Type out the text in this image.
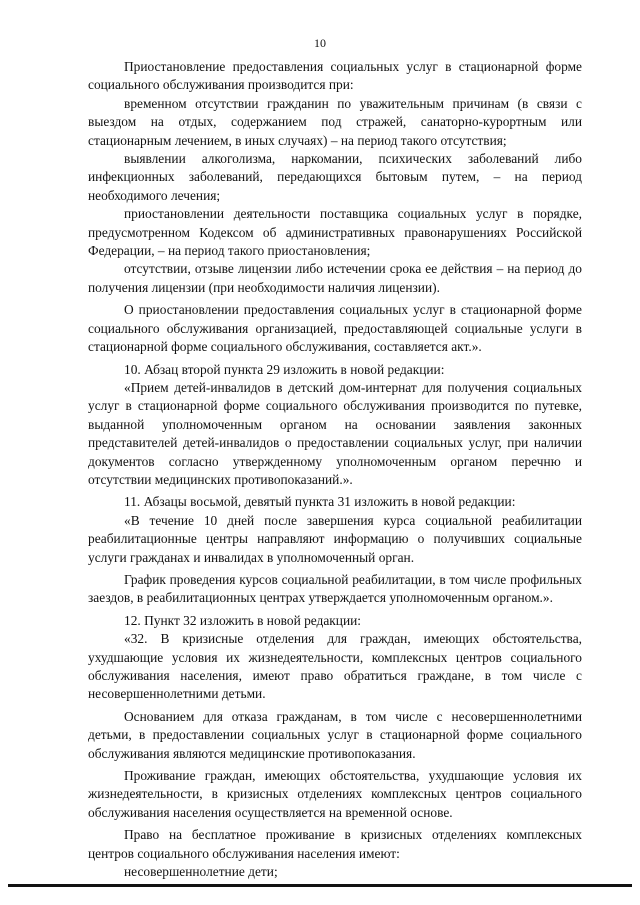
10

Приостановление предоставления социальных услуг в стационарной форме социального обслуживания производится при:

временном отсутствии гражданин по уважительным причинам (в связи с выездом на отдых, содержанием под стражей, санаторно-курортным или стационарным лечением, в иных случаях) – на период такого отсутствия;

выявлении алкоголизма, наркомании, психических заболеваний либо инфекционных заболеваний, передающихся бытовым путем, – на период необходимого лечения;

приостановлении деятельности поставщика социальных услуг в порядке, предусмотренном Кодексом об административных правонарушениях Российской Федерации, – на период такого приостановления;

отсутствии, отзыве лицензии либо истечении срока ее действия – на период до получения лицензии (при необходимости наличия лицензии).

О приостановлении предоставления социальных услуг в стационарной форме социального обслуживания организацией, предоставляющей социальные услуги в стационарной форме социального обслуживания, составляется акт.».

10. Абзац второй пункта 29 изложить в новой редакции:

«Прием детей-инвалидов в детский дом-интернат для получения социальных услуг в стационарной форме социального обслуживания производится по путевке, выданной уполномоченным органом на основании заявления законных представителей детей-инвалидов о предоставлении социальных услуг, при наличии документов согласно утвержденному уполномоченным органом перечню и отсутствии медицинских противопоказаний.».

11. Абзацы восьмой, девятый пункта 31 изложить в новой редакции:

«В течение 10 дней после завершения курса социальной реабилитации реабилитационные центры направляют информацию о получивших социальные услуги гражданах и инвалидах в уполномоченный орган.

График проведения курсов социальной реабилитации, в том числе профильных заездов, в реабилитационных центрах утверждается уполномоченным органом.».

12. Пункт 32 изложить в новой редакции:

«32. В кризисные отделения для граждан, имеющих обстоятельства, ухудшающие условия их жизнедеятельности, комплексных центров социального обслуживания населения, имеют право обратиться граждане, в том числе с несовершеннолетними детьми.

Основанием для отказа гражданам, в том числе с несовершеннолетними детьми, в предоставлении социальных услуг в стационарной форме социального обслуживания являются медицинские противопоказания.

Проживание граждан, имеющих обстоятельства, ухудшающие условия их жизнедеятельности, в кризисных отделениях комплексных центров социального обслуживания населения осуществляется на временной основе.

Право на бесплатное проживание в кризисных отделениях комплексных центров социального обслуживания населения имеют:

несовершеннолетние дети;
